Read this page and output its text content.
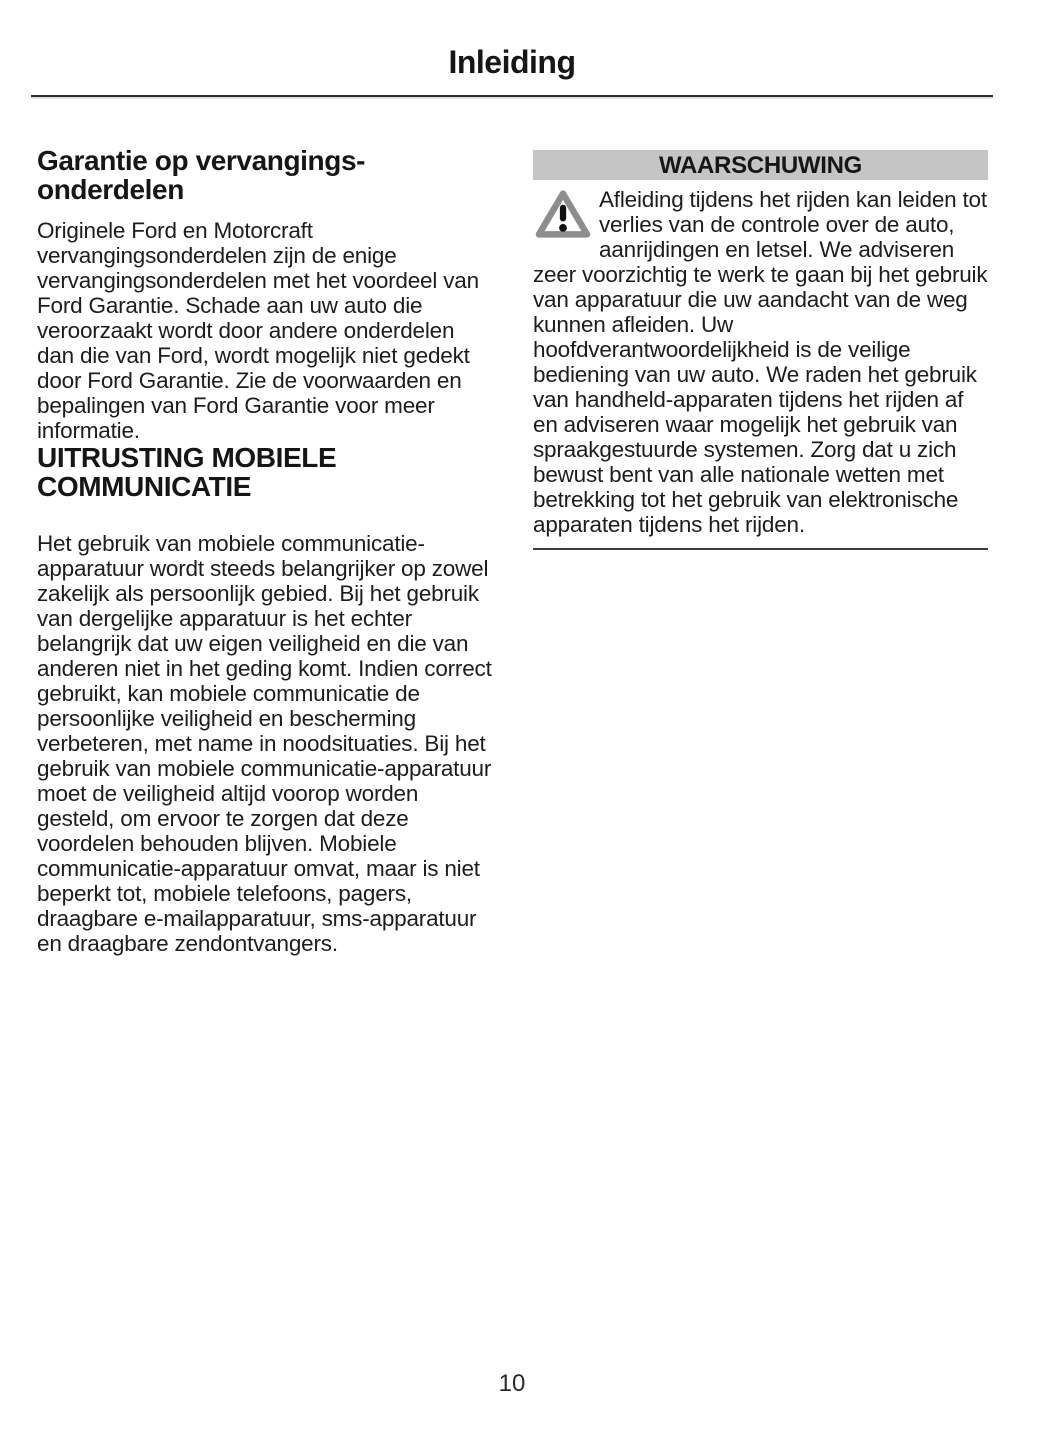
Inleiding
Garantie op vervangings-
onderdelen

Originele Ford en Motorcraft vervangingsonderdelen zijn de enige vervangingsonderdelen met het voordeel van Ford Garantie. Schade aan uw auto die veroorzaakt wordt door andere onderdelen dan die van Ford, wordt mogelijk niet gedekt door Ford Garantie. Zie de voorwaarden en bepalingen van Ford Garantie voor meer informatie.

UITRUSTING MOBIELE
COMMUNICATIE

Het gebruik van mobiele communicatie-apparatuur wordt steeds belangrijker op zowel zakelijk als persoonlijk gebied. Bij het gebruik van dergelijke apparatuur is het echter belangrijk dat uw eigen veiligheid en die van anderen niet in het geding komt. Indien correct gebruikt, kan mobiele communicatie de persoonlijke veiligheid en bescherming verbeteren, met name in noodsituaties. Bij het gebruik van mobiele communicatie-apparatuur moet de veiligheid altijd voorop worden gesteld, om ervoor te zorgen dat deze voordelen behouden blijven. Mobiele communicatie-apparatuur omvat, maar is niet beperkt tot, mobiele telefoons, pagers, draagbare e-mailapparatuur, sms-apparatuur en draagbare zendontvangers.

WAARSCHUWING
Afleiding tijdens het rijden kan leiden tot verlies van de controle over de auto, aanrijdingen en letsel. We adviseren zeer voorzichtig te werk te gaan bij het gebruik van apparatuur die uw aandacht van de weg kunnen afleiden. Uw hoofdverantwoordelijkheid is de veilige bediening van uw auto. We raden het gebruik van handheld-apparaten tijdens het rijden af en adviseren waar mogelijk het gebruik van spraakgestuurde systemen. Zorg dat u zich bewust bent van alle nationale wetten met betrekking tot het gebruik van elektronische apparaten tijdens het rijden.
10
